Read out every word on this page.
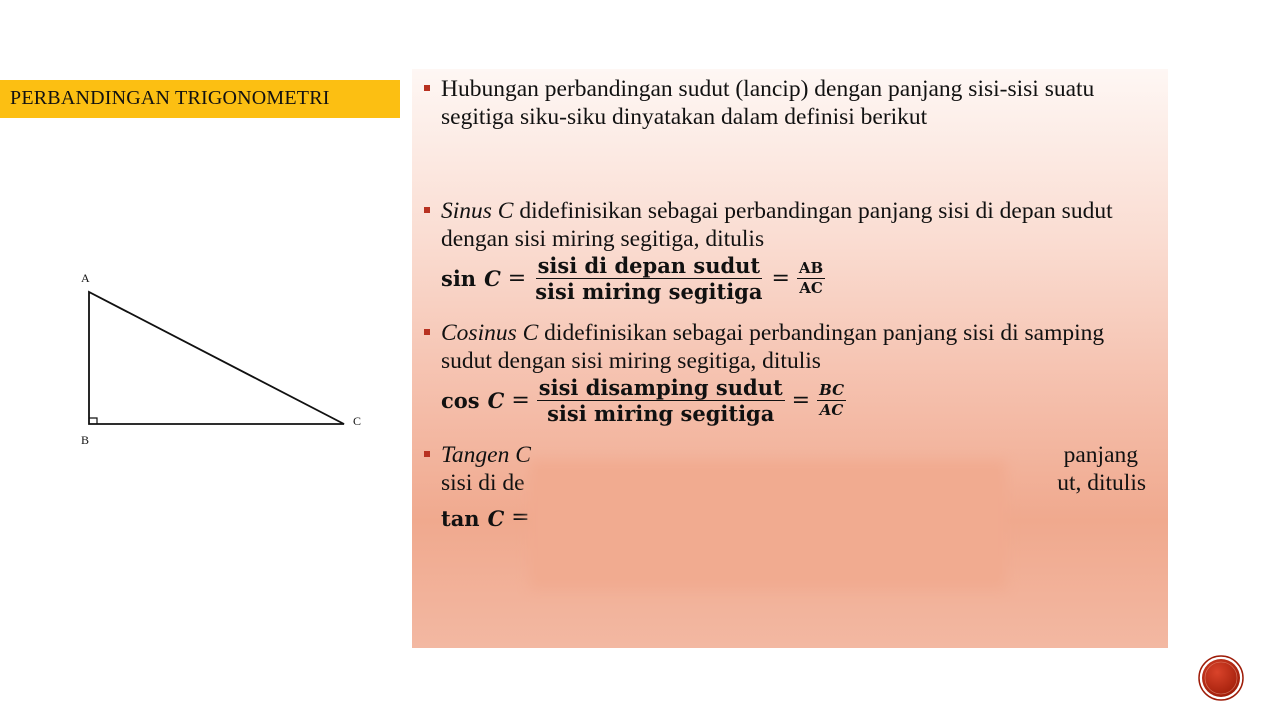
PERBANDINGAN TRIGONOMETRI
A
B
C
Hubungan perbandingan sudut (lancip) dengan panjang sisi-sisi suatu segitiga siku-siku dinyatakan dalam definisi berikut
Sinus C didefinisikan sebagai perbandingan panjang sisi di depan sudut dengan sisi miring segitiga, ditulis
$\sin C = \frac{\text{sisi di depan sudut}}{\text{sisi miring segitiga}} = \frac{AB}{AC}$
Cosinus C didefinisikan sebagai perbandingan panjang sisi di samping sudut dengan sisi miring segitiga, ditulis
$\cos C = \frac{\text{sisi disamping sudut}}{\text{sisi miring segitiga}} = \frac{BC}{AC}$
Tangen C	panjang
sisi di de	ut, ditulis
tan C =
